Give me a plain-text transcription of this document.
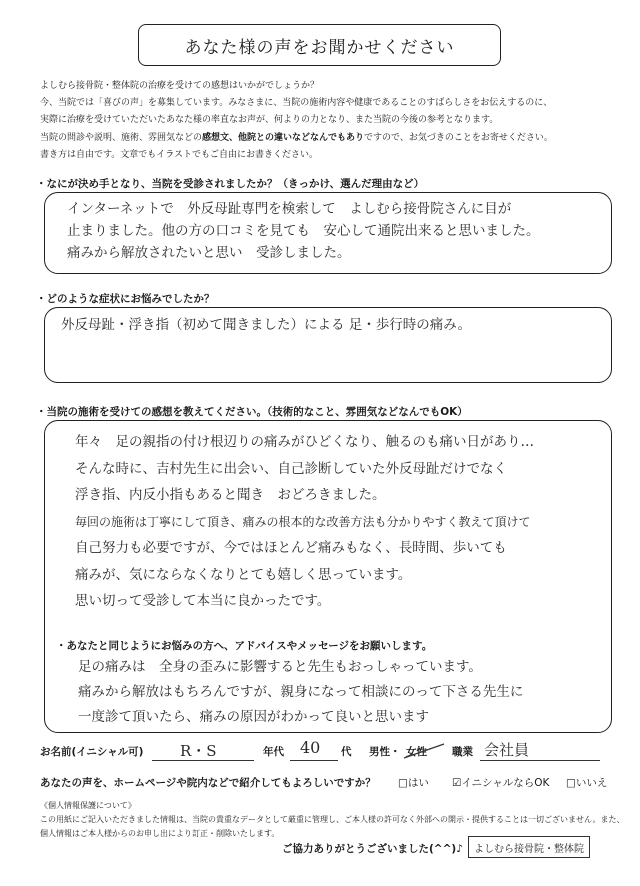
あなた様の声をお聞かせください

よしむら接骨院・整体院の治療を受けての感想はいかがでしょうか？

今、当院では「喜びの声」を募集しています。みなさまに、当院の施術内容や健康であることのすばらしさをお伝えするのに、

実際に治療を受けていただいたあなた様の率直なお声が、何よりの力となり、また当院の今後の参考となります。

当院の問診や説明、施術、雰囲気などの感想文、他院との違いなどなんでもありですので、お気づきのことをお寄せください。

書き方は自由です。文章でもイラストでもご自由にお書きください。

・なにが決め手となり、当院を受診されましたか？（きっかけ、選んだ理由など）

インターネットで　外反母趾専門を検索して　よしむら接骨院さんに目が

止まりました。他の方の口コミを見ても　安心して通院出来ると思いました。

痛みから解放されたいと思い　受診しました。

・どのような症状にお悩みでしたか？

外反母趾・浮き指（初めて聞きました）による 足・歩行時の痛み。

・当院の施術を受けての感想を教えてください。（技術的なこと、雰囲気などなんでもOK）

年々　足の親指の付け根辺りの痛みがひどくなり、触るのも痛い日があり…

そんな時に、吉村先生に出会い、自己診断していた外反母趾だけでなく

浮き指、内反小指もあると聞き　おどろきました。

毎回の施術は丁寧にして頂き、痛みの根本的な改善方法も分かりやすく教えて頂けて

自己努力も必要ですが、今ではほとんど痛みもなく、長時間、歩いても

痛みが、気にならなくなりとても嬉しく思っています。

思い切って受診して本当に良かったです。

・あなたと同じようにお悩みの方へ、アドバイスやメッセージをお願いします。

足の痛みは　全身の歪みに影響すると先生もおっしゃっています。

痛みから解放はもちろんですが、親身になって相談にのって下さる先生に

一度診て頂いたら、痛みの原因がわかって良いと思います

お名前(イニシャル可) R・S	年代 40 代 男性・ 女性 職業 会社員
あなたの声を、ホームページや院内などで紹介してもよろしいですか？ □はい ☑イニシャルならOK □いいえ

《個人情報保護について》

この用紙にご記入いただきました情報は、当院の貴重なデータとして厳重に管理し、ご本人様の許可なく外部への開示・提供することは一切ございません。また、

個人情報はご本人様からのお申し出により訂正・削除いたします。

ご協力ありがとうございました(^^)♪	よしむら接骨院・整体院
